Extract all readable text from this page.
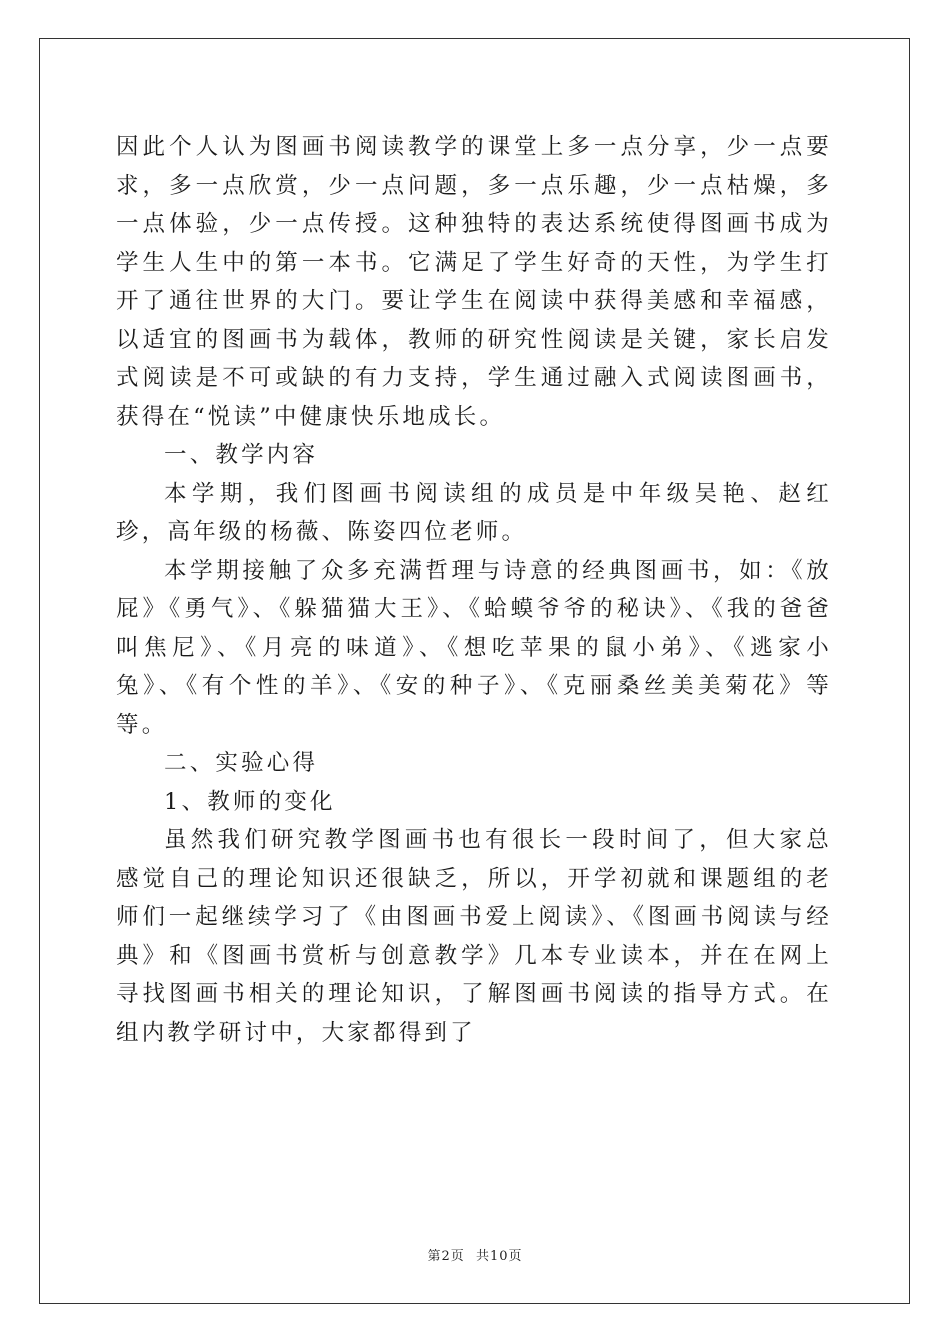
因此个人认为图画书阅读教学的课堂上多一点分享，少一点要求，多一点欣赏，少一点问题，多一点乐趣，少一点枯燥，多一点体验，少一点传授。这种独特的表达系统使得图画书成为学生人生中的第一本书。它满足了学生好奇的天性，为学生打开了通往世界的大门。要让学生在阅读中获得美感和幸福感，以适宜的图画书为载体，教师的研究性阅读是关键，家长启发式阅读是不可或缺的有力支持，学生通过融入式阅读图画书，获得在“悦读”中健康快乐地成长。

一、教学内容

本学期，我们图画书阅读组的成员是中年级吴艳、赵红珍，高年级的杨薇、陈姿四位老师。

本学期接触了众多充满哲理与诗意的经典图画书，如：《放屁》《勇气》、《躲猫猫大王》、《蛤蟆爷爷的秘诀》、《我的爸爸叫焦尼》、《月亮的味道》、《想吃苹果的鼠小弟》、《逃家小兔》、《有个性的羊》、《安的种子》、《克丽桑丝美美菊花》等等。

二、实验心得

1、教师的变化

虽然我们研究教学图画书也有很长一段时间了，但大家总感觉自己的理论知识还很缺乏，所以，开学初就和课题组的老师们一起继续学习了《由图画书爱上阅读》、《图画书阅读与经典》和《图画书赏析与创意教学》几本专业读本，并在在网上寻找图画书相关的理论知识，了解图画书阅读的指导方式。在组内教学研讨中，大家都得到了

第2页 共10页
